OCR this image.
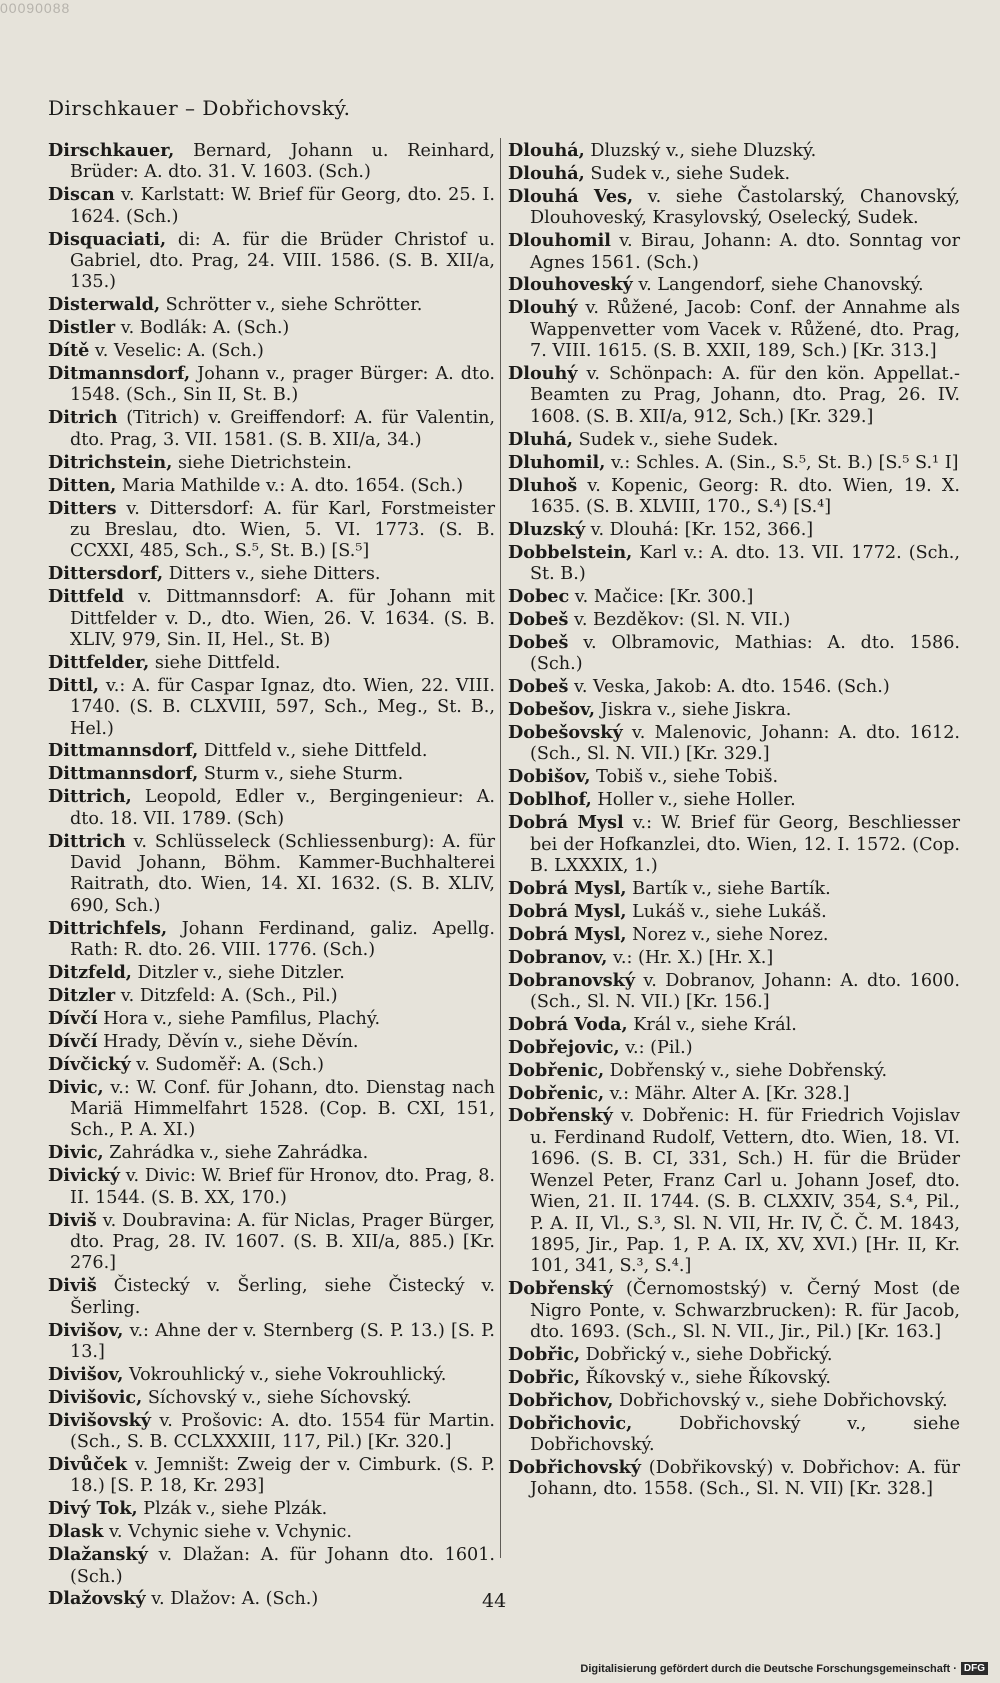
00090088
Dirschkauer – Dobřichovský.

Dirschkauer, Bernard, Johann u. Reinhard, Brüder: A. dto. 31. V. 1603. (Sch.)

Discan v. Karlstatt: W. Brief für Georg, dto. 25. I. 1624. (Sch.)

Disquaciati, di: A. für die Brüder Christof u. Gabriel, dto. Prag, 24. VIII. 1586. (S. B. XII/a, 135.)

Disterwald, Schrötter v., siehe Schrötter.

Distler v. Bodlák: A. (Sch.)

Dítě v. Veselic: A. (Sch.)

Ditmannsdorf, Johann v., prager Bürger: A. dto. 1548. (Sch., Sin II, St. B.)

Ditrich (Titrich) v. Greiffendorf: A. für Valentin, dto. Prag, 3. VII. 1581. (S. B. XII/a, 34.)

Ditrichstein, siehe Dietrichstein.

Ditten, Maria Mathilde v.: A. dto. 1654. (Sch.)

Ditters v. Dittersdorf: A. für Karl, Forstmeister zu Breslau, dto. Wien, 5. VI. 1773. (S. B. CCXXI, 485, Sch., S.⁵, St. B.) [S.⁵]

Dittersdorf, Ditters v., siehe Ditters.

Dittfeld v. Dittmannsdorf: A. für Johann mit Dittfelder v. D., dto. Wien, 26. V. 1634. (S. B. XLIV, 979, Sin. II, Hel., St. B)

Dittfelder, siehe Dittfeld.

Dittl, v.: A. für Caspar Ignaz, dto. Wien, 22. VIII. 1740. (S. B. CLXVIII, 597, Sch., Meg., St. B., Hel.)

Dittmannsdorf, Dittfeld v., siehe Dittfeld.

Dittmannsdorf, Sturm v., siehe Sturm.

Dittrich, Leopold, Edler v., Bergingenieur: A. dto. 18. VII. 1789. (Sch)

Dittrich v. Schlüsseleck (Schliessenburg): A. für David Johann, Böhm. Kammer-Buchhalterei Raitrath, dto. Wien, 14. XI. 1632. (S. B. XLIV, 690, Sch.)

Dittrichfels, Johann Ferdinand, galiz. Apellg. Rath: R. dto. 26. VIII. 1776. (Sch.)

Ditzfeld, Ditzler v., siehe Ditzler.

Ditzler v. Ditzfeld: A. (Sch., Pil.)

Dívčí Hora v., siehe Pamfilus, Plachý.

Dívčí Hrady, Děvín v., siehe Děvín.

Dívčický v. Sudoměř: A. (Sch.)

Divic, v.: W. Conf. für Johann, dto. Dienstag nach Mariä Himmelfahrt 1528. (Cop. B. CXI, 151, Sch., P. A. XI.)

Divic, Zahrádka v., siehe Zahrádka.

Divický v. Divic: W. Brief für Hronov, dto. Prag, 8. II. 1544. (S. B. XX, 170.)

Diviš v. Doubravina: A. für Niclas, Prager Bürger, dto. Prag, 28. IV. 1607. (S. B. XII/a, 885.) [Kr. 276.]

Diviš Čistecký v. Šerling, siehe Čistecký v. Šerling.

Divišov, v.: Ahne der v. Sternberg (S. P. 13.) [S. P. 13.]

Divišov, Vokrouhlický v., siehe Vokrouhlický.

Divišovic, Síchovský v., siehe Síchovský.

Divišovský v. Prošovic: A. dto. 1554 für Martin. (Sch., S. B. CCLXXXIII, 117, Pil.) [Kr. 320.]

Divůček v. Jemništ: Zweig der v. Cimburk. (S. P. 18.) [S. P. 18, Kr. 293]

Divý Tok, Plzák v., siehe Plzák.

Dlask v. Vchynic siehe v. Vchynic.

Dlažanský v. Dlažan: A. für Johann dto. 1601. (Sch.)

Dlažovský v. Dlažov: A. (Sch.)

Dlouhá, Dluzský v., siehe Dluzský.

Dlouhá, Sudek v., siehe Sudek.

Dlouhá Ves, v. siehe Častolarský, Chanovský, Dlouhoveský, Krasylovský, Oselecký, Sudek.

Dlouhomil v. Birau, Johann: A. dto. Sonntag vor Agnes 1561. (Sch.)

Dlouhoveský v. Langendorf, siehe Chanovský.

Dlouhý v. Růžené, Jacob: Conf. der Annahme als Wappenvetter vom Vacek v. Růžené, dto. Prag, 7. VIII. 1615. (S. B. XXII, 189, Sch.) [Kr. 313.]

Dlouhý v. Schönpach: A. für den kön. Appellat.-Beamten zu Prag, Johann, dto. Prag, 26. IV. 1608. (S. B. XII/a, 912, Sch.) [Kr. 329.]

Dluhá, Sudek v., siehe Sudek.

Dluhomil, v.: Schles. A. (Sin., S.⁵, St. B.) [S.⁵ S.¹ I]

Dluhoš v. Kopenic, Georg: R. dto. Wien, 19. X. 1635. (S. B. XLVIII, 170., S.⁴) [S.⁴]

Dluzský v. Dlouhá: [Kr. 152, 366.]

Dobbelstein, Karl v.: A. dto. 13. VII. 1772. (Sch., St. B.)

Dobec v. Mačice: [Kr. 300.]

Dobeš v. Bezděkov: (Sl. N. VII.)

Dobeš v. Olbramovic, Mathias: A. dto. 1586. (Sch.)

Dobeš v. Veska, Jakob: A. dto. 1546. (Sch.)

Dobešov, Jiskra v., siehe Jiskra.

Dobešovský v. Malenovic, Johann: A. dto. 1612. (Sch., Sl. N. VII.) [Kr. 329.]

Dobišov, Tobiš v., siehe Tobiš.

Doblhof, Holler v., siehe Holler.

Dobrá Mysl v.: W. Brief für Georg, Beschliesser bei der Hofkanzlei, dto. Wien, 12. I. 1572. (Cop. B. LXXXIX, 1.)

Dobrá Mysl, Bartík v., siehe Bartík.

Dobrá Mysl, Lukáš v., siehe Lukáš.

Dobrá Mysl, Norez v., siehe Norez.

Dobranov, v.: (Hr. X.) [Hr. X.]

Dobranovský v. Dobranov, Johann: A. dto. 1600. (Sch., Sl. N. VII.) [Kr. 156.]

Dobrá Voda, Král v., siehe Král.

Dobřejovic, v.: (Pil.)

Dobřenic, Dobřenský v., siehe Dobřenský.

Dobřenic, v.: Mähr. Alter A. [Kr. 328.]

Dobřenský v. Dobřenic: H. für Friedrich Vojislav u. Ferdinand Rudolf, Vettern, dto. Wien, 18. VI. 1696. (S. B. CI, 331, Sch.) H. für die Brüder Wenzel Peter, Franz Carl u. Johann Josef, dto. Wien, 21. II. 1744. (S. B. CLXXIV, 354, S.⁴, Pil., P. A. II, Vl., S.³, Sl. N. VII, Hr. IV, Č. Č. M. 1843, 1895, Jir., Pap. 1, P. A. IX, XV, XVI.) [Hr. II, Kr. 101, 341, S.³, S.⁴.]

Dobřenský (Černomostský) v. Černý Most (de Nigro Ponte, v. Schwarzbrucken): R. für Jacob, dto. 1693. (Sch., Sl. N. VII., Jir., Pil.) [Kr. 163.]

Dobřic, Dobřický v., siehe Dobřický.

Dobřic, Říkovský v., siehe Říkovský.

Dobřichov, Dobřichovský v., siehe Dobřichovský.

Dobřichovic, Dobřichovský v., siehe Dobřichovský.

Dobřichovský (Dobřikovský) v. Dobřichov: A. für Johann, dto. 1558. (Sch., Sl. N. VII) [Kr. 328.]

44
Digitalisierung gefördert durch die Deutsche Forschungsgemeinschaft · DFG
